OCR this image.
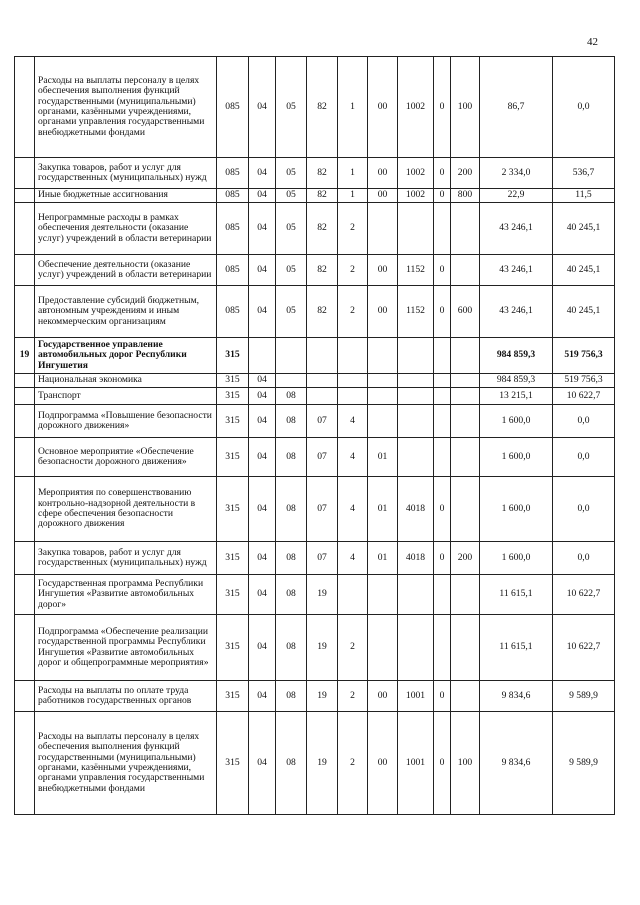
42
	Расходы на выплаты персоналу в целях обеспечения выполнения функций государственными (муниципальными) органами, казёнными учреждениями, органами управления государственными внебюджетными фондами	085	04	05	82	1	00	1002	0	100	86,7	0,0
	Закупка товаров, работ и услуг для государственных (муниципальных) нужд	085	04	05	82	1	00	1002	0	200	2 334,0	536,7
	Иные бюджетные ассигнования	085	04	05	82	1	00	1002	0	800	22,9	11,5
	Непрограммные расходы в рамках обеспечения деятельности (оказание услуг) учреждений в области ветеринарии	085	04	05	82	2					43 246,1	40 245,1
	Обеспечение деятельности (оказание услуг) учреждений в области ветеринарии	085	04	05	82	2	00	1152	0		43 246,1	40 245,1
	Предоставление субсидий бюджетным, автономным учреждениям и иным некоммерческим организациям	085	04	05	82	2	00	1152	0	600	43 246,1	40 245,1
19	Государственное управление автомобильных дорог Республики Ингушетия	315									984 859,3	519 756,3
	Национальная экономика	315	04								984 859,3	519 756,3
	Транспорт	315	04	08							13 215,1	10 622,7
	Подпрограмма «Повышение безопасности дорожного движения»	315	04	08	07	4					1 600,0	0,0
	Основное мероприятие «Обеспечение безопасности дорожного движения»	315	04	08	07	4	01				1 600,0	0,0
	Мероприятия по совершенствованию контрольно-надзорной деятельности в сфере обеспечения безопасности дорожного движения	315	04	08	07	4	01	4018	0		1 600,0	0,0
	Закупка товаров, работ и услуг для государственных (муниципальных) нужд	315	04	08	07	4	01	4018	0	200	1 600,0	0,0
	Государственная программа Республики Ингушетия «Развитие автомобильных дорог»	315	04	08	19						11 615,1	10 622,7
	Подпрограмма «Обеспечение реализации государственной программы Республики Ингушетия «Развитие автомобильных дорог и общепрограммные мероприятия»	315	04	08	19	2					11 615,1	10 622,7
	Расходы на выплаты по оплате труда работников государственных органов	315	04	08	19	2	00	1001	0		9 834,6	9 589,9
	Расходы на выплаты персоналу в целях обеспечения выполнения функций государственными (муниципальными) органами, казёнными учреждениями, органами управления государственными внебюджетными фондами	315	04	08	19	2	00	1001	0	100	9 834,6	9 589,9
